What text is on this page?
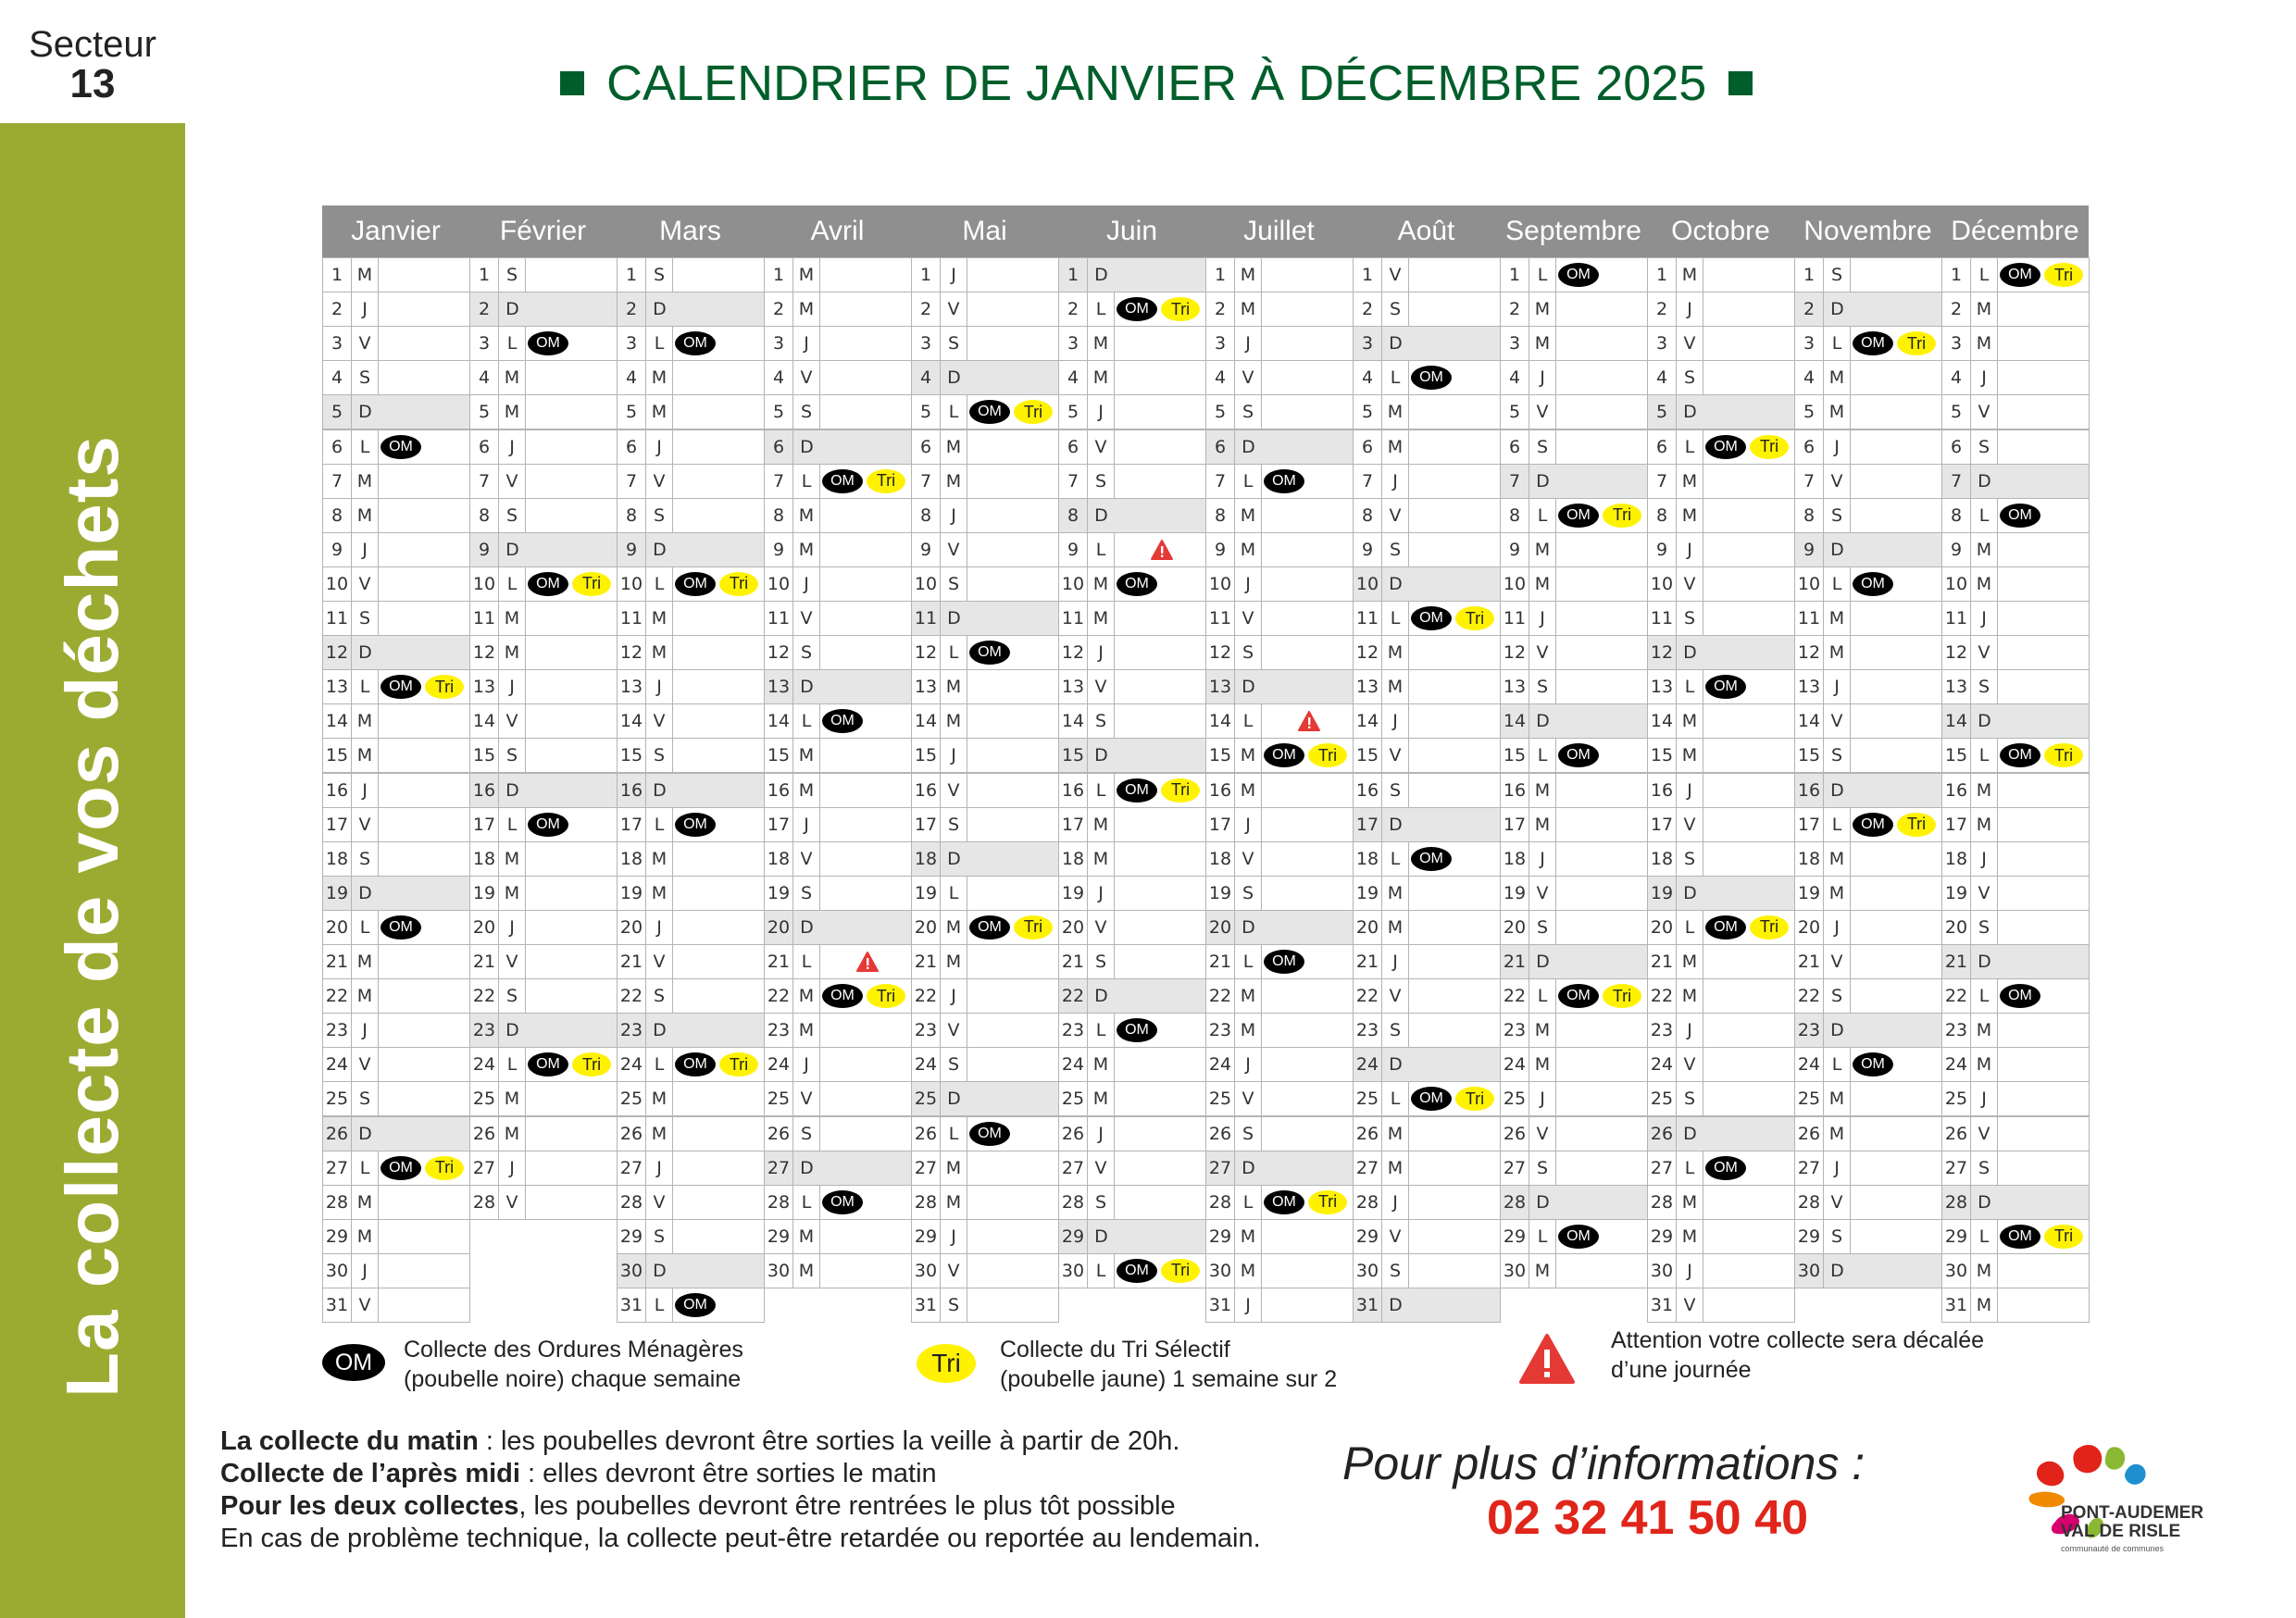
Secteur
13
La collecte de vos déchets
CALENDRIER DE JANVIER À DÉCEMBRE 2025
Janvier
1 M
2	J
3 V
4 S
5 D
6 L	OM
7 M
8 M
9	J
10 V
11 S
12 D
13 L	OM	Tri
14 M
15 M
16 J
17 V
18 S
19 D
20 L	OM
21 M
22 M
23 J
24 V
25 S
26 D
27 L	OM	Tri
28 M
29 M
30 J
31 V
Février
1 S
2 D
3 L	OM
4 M
5 M
6	J
7 V
8 S
9 D
10 L	OM	Tri
11 M
12 M
13 J
14 V
15 S
16 D
17 L	OM
18 M
19 M
20 J
21 V
22 S
23 D
24 L	OM	Tri
25 M
26 M
27 J
28 V
Mars
1 S
2 D
3 L	OM
4 M
5 M
6	J
7 V
8 S
9 D
10 L	OM	Tri
11 M
12 M
13 J
14 V
15 S
16 D
17 L	OM
18 M
19 M
20 J
21 V
22 S
23 D
24 L	OM	Tri
25 M
26 M
27 J
28 V
29 S
30 D
31 L	OM
Avril
1 M
2 M
3	J
4 V
5 S
6 D
7 L	OM	Tri
8 M
9 M
10 J
11 V
12 S
13 D
14 L	OM
15 M
16 M
17 J
18 V
19 S
20 D
21 L
22 M	OM	Tri
23 M
24 J
25 V
26 S
27 D
28 L	OM
29 M
30 M
Mai
1	J
2 V
3 S
4 D
5 L	OM	Tri
6 M
7 M
8	J
9 V
10 S
11 D
12 L	OM
13 M
14 M
15 J
16 V
17 S
18 D
19 L
20 M	OM	Tri
21 M
22 J
23 V
24 S
25 D
26 L	OM
27 M
28 M
29 J
30 V
31 S
Juin
1 D
2 L	OM	Tri
3 M
4 M
5	J
6 V
7 S
8 D
9 L
10 M	OM
11 M
12 J
13 V
14 S
15 D
16 L	OM	Tri
17 M
18 M
19 J
20 V
21 S
22 D
23 L	OM
24 M
25 M
26 J
27 V
28 S
29 D
30 L	OM	Tri
Juillet
1 M
2 M
3	J
4 V
5 S
6 D
7 L	OM
8 M
9 M
10 J
11 V
12 S
13 D
14 L
15 M	OM	Tri
16 M
17 J
18 V
19 S
20 D
21 L	OM
22 M
23 M
24 J
25 V
26 S
27 D
28 L	OM	Tri
29 M
30 M
31 J
Août
1 V
2 S
3 D
4 L	OM
5 M
6 M
7	J
8 V
9 S
10 D
11 L	OM	Tri
12 M
13 M
14 J
15 V
16 S
17 D
18 L	OM
19 M
20 M
21 J
22 V
23 S
24 D
25 L	OM	Tri
26 M
27 M
28 J
29 V
30 S
31 D
Septembre
1 L	OM
2 M
3 M
4	J
5 V
6 S
7 D
8 L	OM	Tri
9 M
10 M
11 J
12 V
13 S
14 D
15 L	OM
16 M
17 M
18 J
19 V
20 S
21 D
22 L	OM	Tri
23 M
24 M
25 J
26 V
27 S
28 D
29 L	OM
30 M
Octobre
1 M
2	J
3 V
4 S
5 D
6 L	OM	Tri
7 M
8 M
9	J
10 V
11 S
12 D
13 L	OM
14 M
15 M
16 J
17 V
18 S
19 D
20 L	OM	Tri
21 M
22 M
23 J
24 V
25 S
26 D
27 L	OM
28 M
29 M
30 J
31 V
Novembre
1 S
2 D
3 L	OM	Tri
4 M
5 M
6	J
7 V
8 S
9 D
10 L	OM
11 M
12 M
13 J
14 V
15 S
16 D
17 L	OM	Tri
18 M
19 M
20 J
21 V
22 S
23 D
24 L	OM
25 M
26 M
27 J
28 V
29 S
30 D
Décembre
1 L	OM	Tri
2 M
3 M
4	J
5 V
6 S
7 D
8 L	OM
9 M
10 M
11 J
12 V
13 S
14 D
15 L	OM	Tri
16 M
17 M
18 J
19 V
20 S
21 D
22 L	OM
23 M
24 M
25 J
26 V
27 S
28 D
29 L	OM	Tri
30 M
31 M
OM	Collecte des Ordures Ménagères
(poubelle noire) chaque semaine
Tri	Collecte du Tri Sélectif
(poubelle jaune) 1 semaine sur 2
Attention votre collecte sera décalée
d’une journée
La collecte du matin : les poubelles devront être sorties la veille à partir de 20h.
Collecte de l’après midi : elles devront être sorties le matin
Pour les deux collectes, les poubelles devront être rentrées le plus tôt possible
En cas de problème technique, la collecte peut-être retardée ou reportée au lendemain.
Pour plus d’informations :
02 32 41 50 40	PONT-AUDEMER
VAL DE RISLE
communauté de communes
